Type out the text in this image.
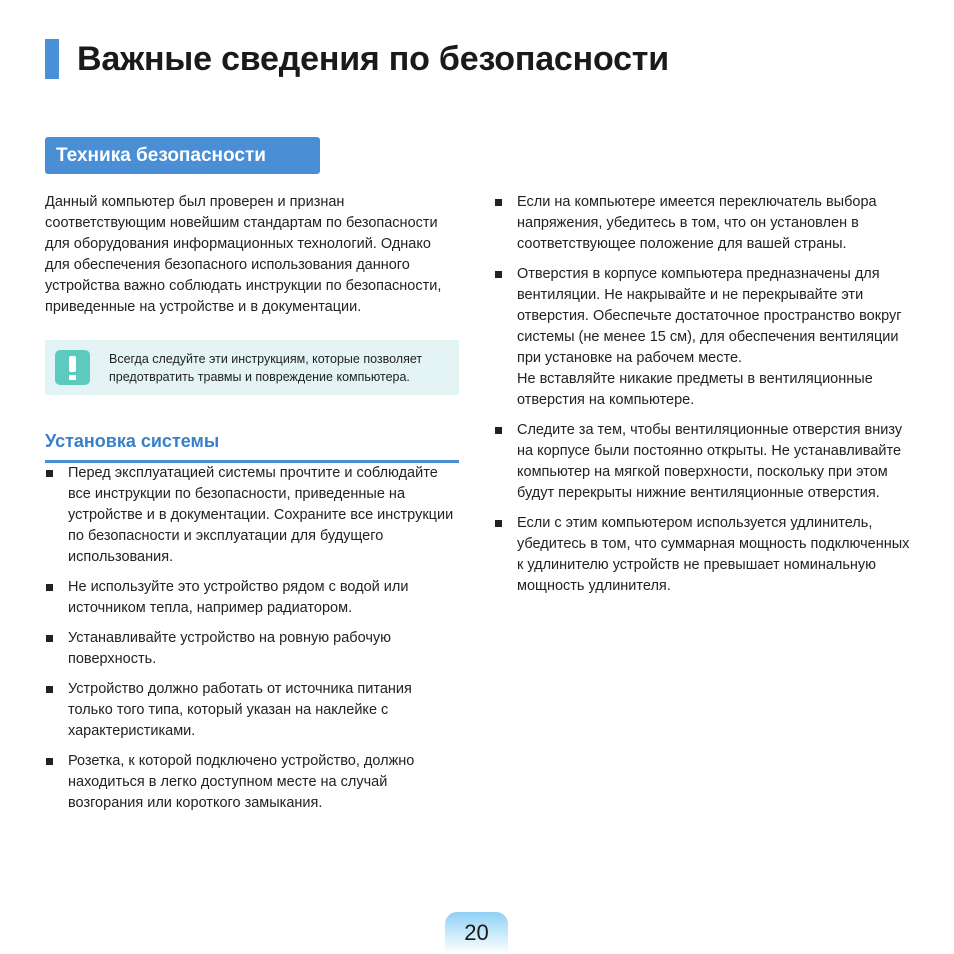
Важные сведения по безопасности
Техника безопасности

Данный компьютер был проверен и признан соответствующим новейшим стандартам по безопасности для оборудования информационных технологий. Однако для обеспечения безопасного использования данного устройства важно соблюдать инструкции по безопасности, приведенные на устройстве и в документации.

Всегда следуйте эти инструкциям, которые позволяет предотвратить травмы и повреждение компьютера.

Установка системы
Перед эксплуатацией системы прочтите и соблюдайте все инструкции по безопасности, приведенные на устройстве и в документации. Сохраните все инструкции по безопасности и эксплуатации для будущего использования.
Не используйте это устройство рядом с водой или источником тепла, например радиатором.
Устанавливайте устройство на ровную рабочую поверхность.
Устройство должно работать от источника питания только того типа, который указан на наклейке с характеристиками.
Розетка, к которой подключено устройство, должно находиться в легко доступном месте на случай возгорания или короткого замыкания.
Если на компьютере имеется переключатель выбора напряжения, убедитесь в том, что он установлен в соответствующее положение для вашей страны.
Отверстия в корпусе компьютера предназначены для вентиляции. Не накрывайте и не перекрывайте эти отверстия. Обеспечьте достаточное пространство вокруг системы (не менее 15 см), для обеспечения вентиляции при установке на рабочем месте.
Не вставляйте никакие предметы в вентиляционные отверстия на компьютере.
Следите за тем, чтобы вентиляционные отверстия внизу на корпусе были постоянно открыты. Не устанавливайте компьютер на мягкой поверхности, поскольку при этом будут перекрыты нижние вентиляционные отверстия.
Если с этим компьютером используется удлинитель, убедитесь в том, что суммарная мощность подключенных к удлинителю устройств не превышает номинальную мощность удлинителя.
20
